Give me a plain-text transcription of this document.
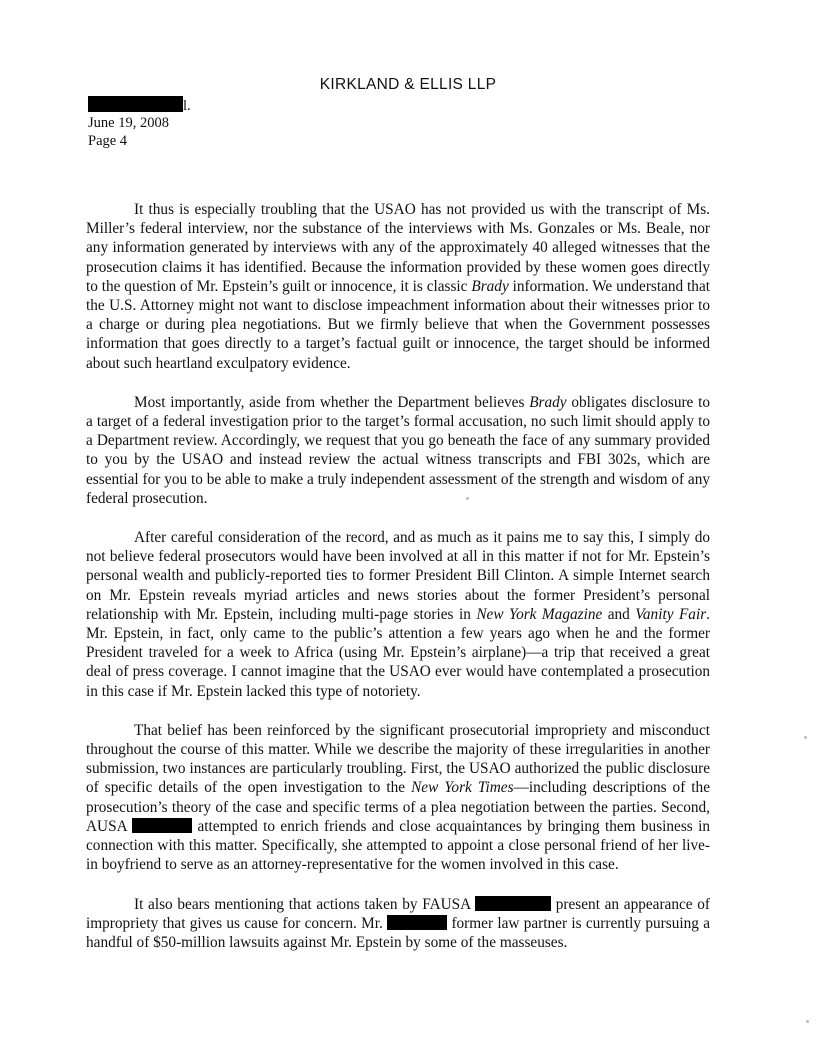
KIRKLAND & ELLIS LLP
l.
June 19, 2008
Page 4

It thus is especially troubling that the USAO has not provided us with the transcript of Ms. Miller’s federal interview, nor the substance of the interviews with Ms. Gonzales or Ms. Beale, nor any information generated by interviews with any of the approximately 40 alleged witnesses that the prosecution claims it has identified. Because the information provided by these women goes directly to the question of Mr. Epstein’s guilt or innocence, it is classic Brady information. We understand that the U.S. Attorney might not want to disclose impeachment information about their witnesses prior to a charge or during plea negotiations. But we firmly believe that when the Government possesses information that goes directly to a target’s factual guilt or innocence, the target should be informed about such heartland exculpatory evidence.

Most importantly, aside from whether the Department believes Brady obligates disclosure to a target of a federal investigation prior to the target’s formal accusation, no such limit should apply to a Department review. Accordingly, we request that you go beneath the face of any summary provided to you by the USAO and instead review the actual witness transcripts and FBI 302s, which are essential for you to be able to make a truly independent assessment of the strength and wisdom of any federal prosecution.

After careful consideration of the record, and as much as it pains me to say this, I simply do not believe federal prosecutors would have been involved at all in this matter if not for Mr. Epstein’s personal wealth and publicly-reported ties to former President Bill Clinton. A simple Internet search on Mr. Epstein reveals myriad articles and news stories about the former President’s personal relationship with Mr. Epstein, including multi-page stories in New York Magazine and Vanity Fair. Mr. Epstein, in fact, only came to the public’s attention a few years ago when he and the former President traveled for a week to Africa (using Mr. Epstein’s airplane)—a trip that received a great deal of press coverage. I cannot imagine that the USAO ever would have contemplated a prosecution in this case if Mr. Epstein lacked this type of notoriety.

That belief has been reinforced by the significant prosecutorial impropriety and misconduct throughout the course of this matter. While we describe the majority of these irregularities in another submission, two instances are particularly troubling. First, the USAO authorized the public disclosure of specific details of the open investigation to the New York Times—including descriptions of the prosecution’s theory of the case and specific terms of a plea negotiation between the parties. Second, AUSA	attempted to enrich friends and close acquaintances by bringing them business in connection with this matter. Specifically, she attempted to appoint a close personal friend of her live-in boyfriend to serve as an attorney-representative for the women involved in this case.

It also bears mentioning that actions taken by FAUSA	present an appearance of impropriety that gives us cause for concern. Mr.	former law partner is currently pursuing a handful of $50-million lawsuits against Mr. Epstein by some of the masseuses.
